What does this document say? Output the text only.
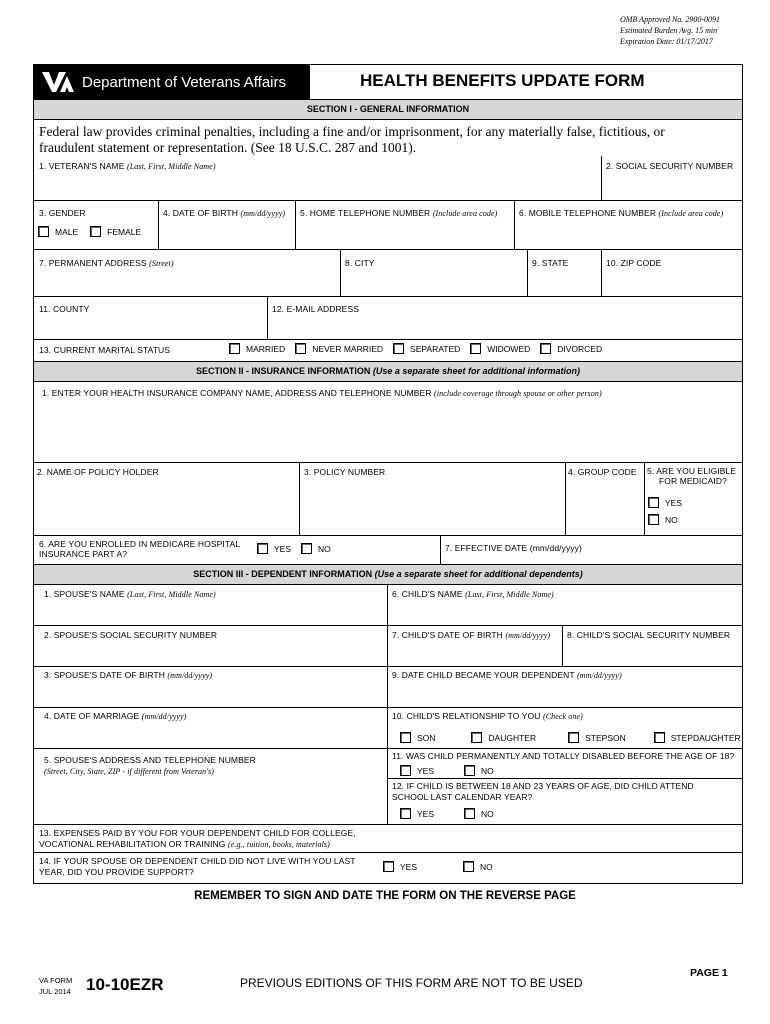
OMB Approved No. 2900-0091
Estimated Burden Avg. 15 min
Expiration Date: 01/17/2017
Department of Veterans Affairs	HEALTH BENEFITS UPDATE FORM
SECTION I - GENERAL INFORMATION
Federal law provides criminal penalties, including a fine and/or imprisonment, for any materially false, fictitious, or fraudulent statement or representation. (See 18 U.S.C. 287 and 1001).
1. VETERAN'S NAME (Last, First, Middle Name)	2. SOCIAL SECURITY NUMBER
3. GENDER
MALE	FEMALE
4. DATE OF BIRTH (mm/dd/yyyy) 5. HOME TELEPHONE NUMBER (Include area code)	6. MOBILE TELEPHONE NUMBER (Include area code)
7. PERMANENT ADDRESS (Street)	8. CITY	9. STATE	10. ZIP CODE
11. COUNTY	12. E-MAIL ADDRESS
13. CURRENT MARITAL STATUS	MARRIED	NEVER MARRIED	SEPARATED	WIDOWED	DIVORCED
SECTION II - INSURANCE INFORMATION (Use a separate sheet for additional information)
1. ENTER YOUR HEALTH INSURANCE COMPANY NAME, ADDRESS AND TELEPHONE NUMBER (include coverage through spouse or other person)
2. NAME OF POLICY HOLDER	3. POLICY NUMBER	4. GROUP CODE 5. ARE YOU ELIGIBLE
FOR MEDICAID?
YES
NO
6. ARE YOU ENROLLED IN MEDICARE HOSPITAL
INSURANCE PART A?
YES	NO	7. EFFECTIVE DATE (mm/dd/yyyy)
SECTION III - DEPENDENT INFORMATION (Use a separate sheet for additional dependents)
1. SPOUSE'S NAME (Last, First, Middle Name)	6. CHILD'S NAME (Last, First, Middle Name)
2. SPOUSE'S SOCIAL SECURITY NUMBER	7. CHILD'S DATE OF BIRTH (mm/dd/yyyy) 8. CHILD'S SOCIAL SECURITY NUMBER
3. SPOUSE'S DATE OF BIRTH (mm/dd/yyyy)	9. DATE CHILD BECAME YOUR DEPENDENT (mm/dd/yyyy)
4. DATE OF MARRIAGE (mm/dd/yyyy)	10. CHILD'S RELATIONSHIP TO YOU (Check one)
SON	DAUGHTER	STEPSON	STEPDAUGHTER
5. SPOUSE'S ADDRESS AND TELEPHONE NUMBER
(Street, City, State, ZIP - if different from Veteran's)
11. WAS CHILD PERMANENTLY AND TOTALLY DISABLED BEFORE THE AGE OF 18?
YES	NO
12. IF CHILD IS BETWEEN 18 AND 23 YEARS OF AGE, DID CHILD ATTEND
SCHOOL LAST CALENDAR YEAR?
YES	NO
13. EXPENSES PAID BY YOU FOR YOUR DEPENDENT CHILD FOR COLLEGE,
VOCATIONAL REHABILITATION OR TRAINING (e.g., tuition, books, materials)
14. IF YOUR SPOUSE OR DEPENDENT CHILD DID NOT LIVE WITH YOU LAST
YEAR, DID YOU PROVIDE SUPPORT?
YES	NO
REMEMBER TO SIGN AND DATE THE FORM ON THE REVERSE PAGE
VA FORM
JUL 2014 10-10EZR	PREVIOUS EDITIONS OF THIS FORM ARE NOT TO BE USED
PAGE 1
